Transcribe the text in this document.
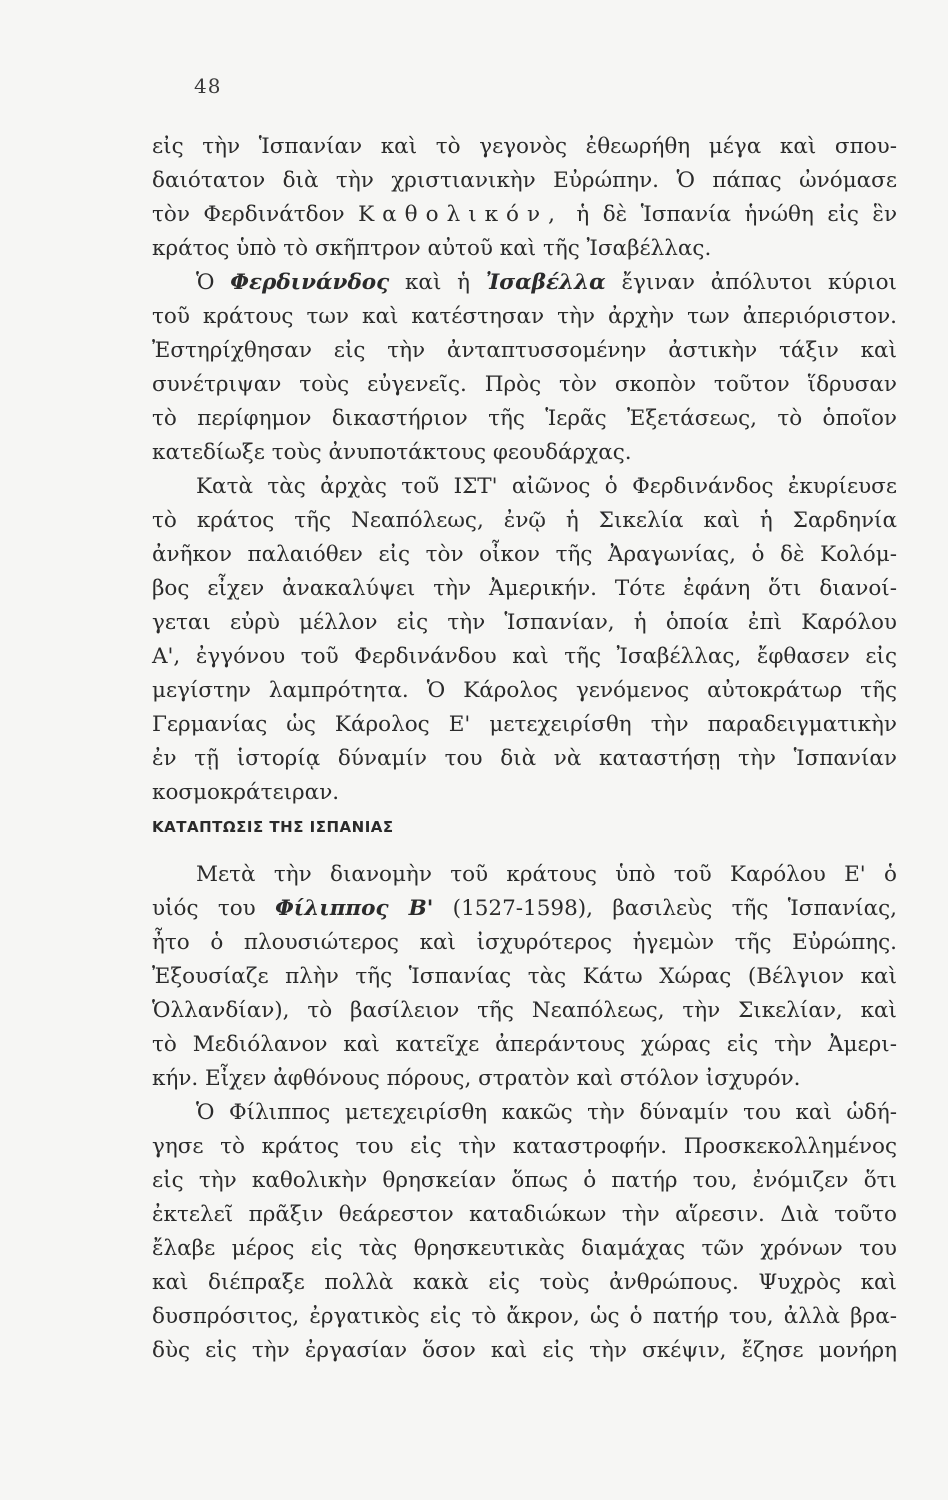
48
εἰς τὴν Ἱσπανίαν καὶ τὸ γεγονὸς ἐθεωρήθη μέγα καὶ σπου-
δαιότατον διὰ τὴν χριστιανικὴν Εὐρώπην. Ὁ πάπας ὠνόμασε
τὸν Φερδινάτδον Καθολικόν, ἡ δὲ Ἱσπανία ἡνώθη εἰς ἓν
κράτος ὑπὸ τὸ σκῆπτρον αὐτοῦ καὶ τῆς Ἰσαβέλλας.
Ὁ Φερδινάνδος καὶ ἡ Ἰσαβέλλα ἔγιναν ἀπόλυτοι κύριοι
τοῦ κράτους των καὶ κατέστησαν τὴν ἀρχὴν των ἀπεριόριστον.
Ἐστηρίχθησαν εἰς τὴν ἀνταπτυσσομένην ἀστικὴν τάξιν καὶ
συνέτριψαν τοὺς εὐγενεῖς. Πρὸς τὸν σκοπὸν τοῦτον ἵδρυσαν
τὸ περίφημον δικαστήριον τῆς Ἱερᾶς Ἐξετάσεως, τὸ ὁποῖον
κατεδίωξε τοὺς ἀνυποτάκτους φεουδάρχας.
Κατὰ τὰς ἀρχὰς τοῦ ΙΣΤ' αἰῶνος ὁ Φερδινάνδος ἐκυρίευσε
τὸ κράτος τῆς Νεαπόλεως, ἐνῷ ἡ Σικελία καὶ ἡ Σαρδηνία
ἀνῆκον παλαιόθεν εἰς τὸν οἶκον τῆς Ἀραγωνίας, ὁ δὲ Κολόμ-
βος εἶχεν ἀνακαλύψει τὴν Ἀμερικήν. Τότε ἐφάνη ὅτι διανοί-
γεται εὐρὺ μέλλον εἰς τὴν Ἱσπανίαν, ἡ ὁποία ἐπὶ Καρόλου
Α', ἐγγόνου τοῦ Φερδινάνδου καὶ τῆς Ἰσαβέλλας, ἔφθασεν εἰς
μεγίστην λαμπρότητα. Ὁ Κάρολος γενόμενος αὐτοκράτωρ τῆς
Γερμανίας ὡς Κάρολος Ε' μετεχειρίσθη τὴν παραδειγματικὴν
ἐν τῇ ἱστορίᾳ δύναμίν του διὰ νὰ καταστήσῃ τὴν Ἱσπανίαν
κοσμοκράτειραν.
ΚΑΤΑΠΤΩΣΙΣ ΤΗΣ ΙΣΠΑΝΙΑΣ
Μετὰ τὴν διανομὴν τοῦ κράτους ὑπὸ τοῦ Καρόλου Ε' ὁ
υἱός του Φίλιππος Β' (1527-1598), βασιλεὺς τῆς Ἱσπανίας,
ἦτο ὁ πλουσιώτερος καὶ ἰσχυρότερος ἡγεμὼν τῆς Εὐρώπης.
Ἐξουσίαζε πλὴν τῆς Ἱσπανίας τὰς Κάτω Χώρας (Βέλγιον καὶ
Ὁλλανδίαν), τὸ βασίλειον τῆς Νεαπόλεως, τὴν Σικελίαν, καὶ
τὸ Μεδιόλανον καὶ κατεῖχε ἀπεράντους χώρας εἰς τὴν Ἀμερι-
κήν. Εἶχεν ἀφθόνους πόρους, στρατὸν καὶ στόλον ἰσχυρόν.
Ὁ Φίλιππος μετεχειρίσθη κακῶς τὴν δύναμίν του καὶ ὡδή-
γησε τὸ κράτος του εἰς τὴν καταστροφήν. Προσκεκολλημένος
εἰς τὴν καθολικὴν θρησκείαν ὅπως ὁ πατήρ του, ἐνόμιζεν ὅτι
ἐκτελεῖ πρᾶξιν θεάρεστον καταδιώκων τὴν αἵρεσιν. Διὰ τοῦτο
ἔλαβε μέρος εἰς τὰς θρησκευτικὰς διαμάχας τῶν χρόνων του
καὶ διέπραξε πολλὰ κακὰ εἰς τοὺς ἀνθρώπους. Ψυχρὸς καὶ
δυσπρόσιτος, ἐργατικὸς εἰς τὸ ἄκρον, ὡς ὁ πατήρ του, ἀλλὰ βρα-
δὺς εἰς τὴν ἐργασίαν ὅσον καὶ εἰς τὴν σκέψιν, ἔζησε μονήρη
